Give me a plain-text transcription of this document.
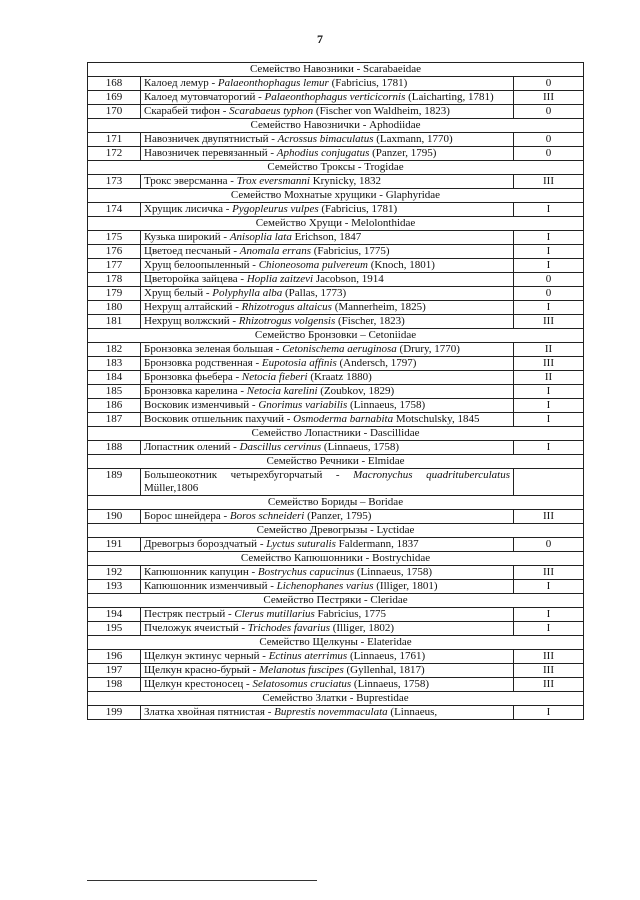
7
Семейство Навозники - Scarabaeidae		
168	Калоед лемур - Palaeonthophagus lemur (Fabricius, 1781)	0
169	Калоед мутовчаторогий - Palaeonthophagus verticicornis (Laicharting, 1781)	III
170	Скарабей тифон - Scarabaeus typhon (Fischer von Waldheim, 1823)	0
Семейство Навознички - Aphodiidae		
171	Навозничек двупятнистый - Acrossus bimaculatus (Laxmann, 1770)	0
172	Навозничек перевязанный - Aphodius conjugatus (Panzer, 1795)	0
Семейство Троксы - Trogidae		
173	Трокс эверсманна - Trox eversmanni Krynicky, 1832	III
Семейство Мохнатые хрущики - Glaphyridae		
174	Хрущик лисичка - Pygopleurus vulpes (Fabricius, 1781)	I
Семейство Хрущи - Melolonthidae		
175	Кузька широкий - Anisoplia lata Erichson, 1847	I
176	Цветоед песчаный - Anomala errans (Fabricius, 1775)	I
177	Хрущ белоопыленный - Chioneosoma pulvereum (Knoch, 1801)	I
178	Цветоройка зайцева - Hoplia zaitzevi Jacobson, 1914	0
179	Хрущ белый - Polyphylla alba (Pallas, 1773)	0
180	Нехрущ алтайский - Rhizotrogus altaicus (Mannerheim, 1825)	I
181	Нехрущ волжский - Rhizotrogus volgensis (Fischer, 1823)	III
Семейство Бронзовки – Cetoniidae		
182	Бронзовка зеленая большая - Cetonischema aeruginosa (Drury, 1770)	II
183	Бронзовка родственная - Eupotosia affinis (Andersch, 1797)	III
184	Бронзовка фьебера - Netocia fieberi (Kraatz 1880)	II
185	Бронзовка карелина - Netocia karelini (Zoubkov, 1829)	I
186	Восковик изменчивый - Gnorimus variabilis (Linnaeus, 1758)	I
187	Восковик отшельник пахучий - Osmoderma barnabita Motschulsky, 1845	I
Семейство Лопастники - Dascillidae		
188	Лопастник олений - Dascillus cervinus (Linnaeus, 1758)	I
Семейство Речники - Elmidae		
189	Большеокотник четырехбугорчатый - Macronychus quadrituberculatus Müller,1806	
Семейство Бориды – Boridae		
190	Борос шнейдера - Boros schneideri (Panzer, 1795)	III
Семейство Древогрызы - Lyctidae		
191	Древогрыз бороздчатый - Lyctus suturalis Faldermann, 1837	0
Семейство Капюшонники - Bostrychidae		
192	Капюшонник капуцин - Bostrychus capucinus (Linnaeus, 1758)	III
193	Капюшонник изменчивый - Lichenophanes varius (Illiger, 1801)	I
Семейство Пестряки - Cleridae		
194	Пестряк пестрый - Clerus mutillarius Fabricius, 1775	I
195	Пчеложук ячеистый - Trichodes favarius (Illiger, 1802)	I
Семейство Щелкуны - Elateridae		
196	Щелкун эктинус черный - Ectinus aterrimus (Linnaeus, 1761)	III
197	Щелкун красно-бурый - Melanotus fuscipes (Gyllenhal, 1817)	III
198	Щелкун крестоносец - Selatosomus cruciatus (Linnaeus, 1758)	III
Семейство Златки - Buprestidae		
199	Златка хвойная пятнистая - Buprestis novemmaculata (Linnaeus,	I
